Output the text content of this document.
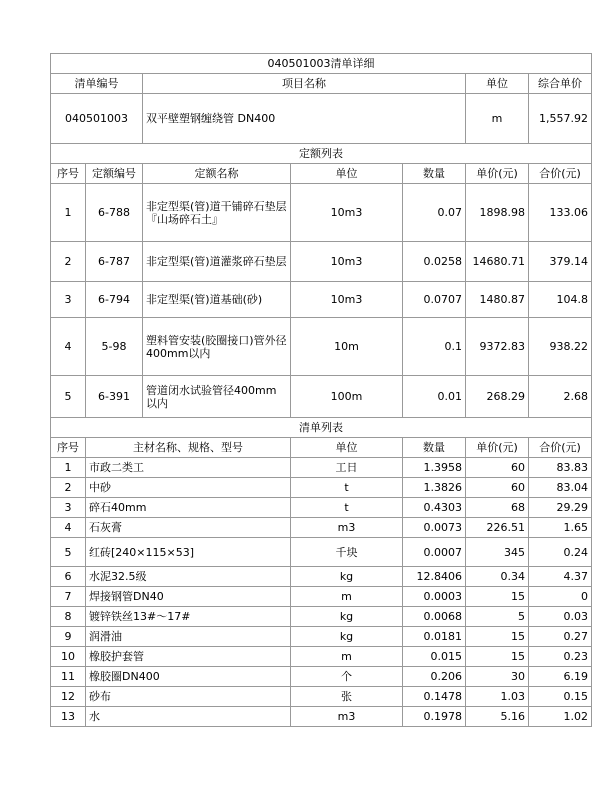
040501003清单详细						
清单编号		项目名称			单位	综合单价
040501003		双平壁塑钢缠绕管 DN400			m	1,557.92
定额列表						
序号	定额编号	定额名称	单位	数量	单价(元)	合价(元)
1	6-788	非定型渠(管)道干铺碎石垫层『山场碎石土』	10m3	0.07	1898.98	133.06
2	6-787	非定型渠(管)道灌浆碎石垫层	10m3	0.0258	14680.71	379.14
3	6-794	非定型渠(管)道基础(砂)	10m3	0.0707	1480.87	104.8
4	5-98	塑料管安装(胶圈接口)管外径400mm以内	10m	0.1	9372.83	938.22
5	6-391	管道闭水试验管径400mm以内	100m	0.01	268.29	2.68
清单列表						
序号	主材名称、规格、型号		单位	数量	单价(元)	合价(元)
1	市政二类工		工日	1.3958	60	83.83
2	中砂		t	1.3826	60	83.04
3	碎石40mm		t	0.4303	68	29.29
4	石灰膏		m3	0.0073	226.51	1.65
5	红砖[240×115×53]		千块	0.0007	345	0.24
6	水泥32.5级		kg	12.8406	0.34	4.37
7	焊接钢管DN40		m	0.0003	15	0
8	镀锌铁丝13#～17#		kg	0.0068	5	0.03
9	润滑油		kg	0.0181	15	0.27
10	橡胶护套管		m	0.015	15	0.23
11	橡胶圈DN400		个	0.206	30	6.19
12	砂布		张	0.1478	1.03	0.15
13	水		m3	0.1978	5.16	1.02
